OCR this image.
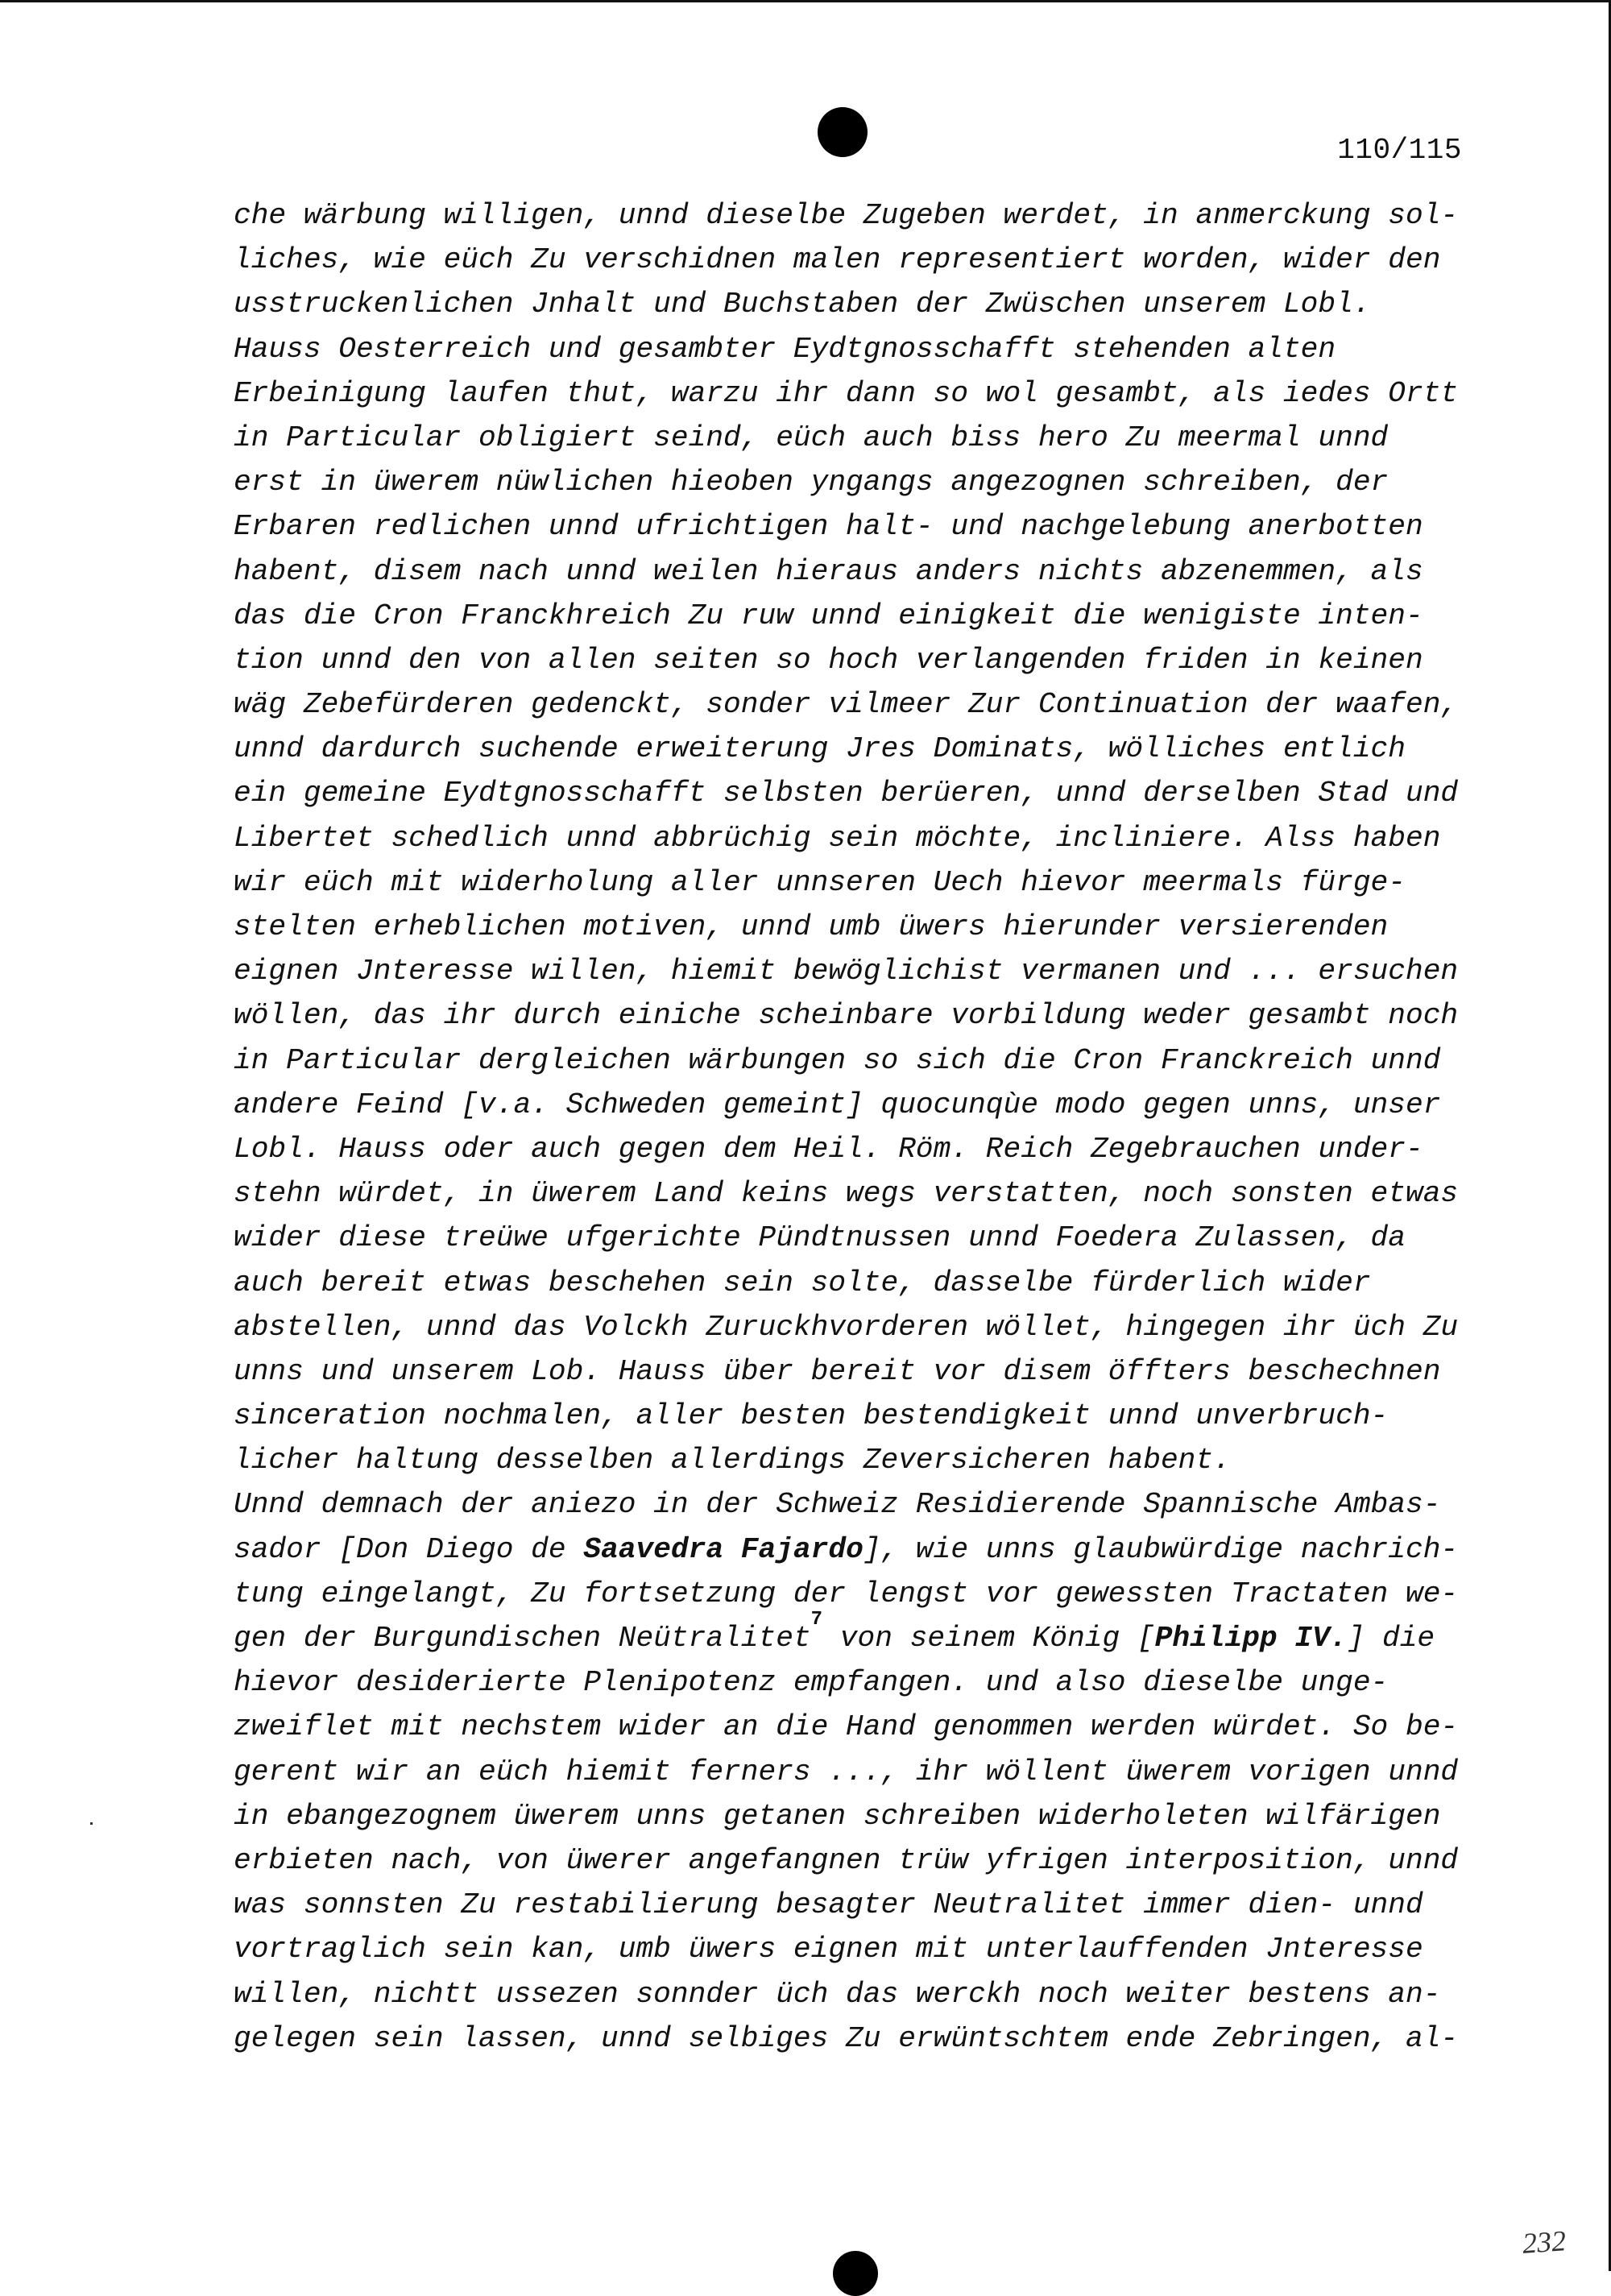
110/115
che wärbung willigen, unnd dieselbe Zugeben werdet, in anmerckung sol-
liches, wie eüch Zu verschidnen malen representiert worden, wider den
usstruckenlichen Jnhalt und Buchstaben der Zwüschen unserem Lobl.
Hauss Oesterreich und gesambter Eydtgnosschafft stehenden alten
Erbeinigung laufen thut, warzu ihr dann so wol gesambt, als iedes Ortt
in Particular obligiert seind, eüch auch biss hero Zu meermal unnd
erst in üwerem nüwlichen hieoben yngangs angezognen schreiben, der
Erbaren redlichen unnd ufrichtigen halt- und nachgelebung anerbotten
habent, disem nach unnd weilen hieraus anders nichts abzenemmen, als
das die Cron Franckhreich Zu ruw unnd einigkeit die wenigiste inten-
tion unnd den von allen seiten so hoch verlangenden friden in keinen
wäg Zebefürderen gedenckt, sonder vilmeer Zur Continuation der waafen,
unnd dardurch suchende erweiterung Jres Dominats, wölliches entlich
ein gemeine Eydtgnosschafft selbsten berüeren, unnd derselben Stad und
Libertet schedlich unnd abbrüchig sein möchte, incliniere. Alss haben
wir eüch mit widerholung aller unnseren Uech hievor meermals fürge-
stelten erheblichen motiven, unnd umb üwers hierunder versierenden
eignen Jnteresse willen, hiemit bewöglichist vermanen und ... ersuchen
wöllen, das ihr durch einiche scheinbare vorbildung weder gesambt noch
in Particular dergleichen wärbungen so sich die Cron Franckreich unnd
andere Feind [v.a. Schweden gemeint] quocunqùe modo gegen unns, unser
Lobl. Hauss oder auch gegen dem Heil. Röm. Reich Zegebrauchen under-
stehn würdet, in üwerem Land keins wegs verstatten, noch sonsten etwas
wider diese treüwe ufgerichte Pündtnussen unnd Foedera Zulassen, da
auch bereit etwas beschehen sein solte, dasselbe fürderlich wider
abstellen, unnd das Volckh Zuruckhvorderen wöllet, hingegen ihr üch Zu
unns und unserem Lob. Hauss über bereit vor disem öffters beschechnen
sinceration nochmalen, aller besten bestendigkeit unnd unverbruch-
licher haltung desselben allerdings Zeversicheren habent.
Unnd demnach der aniezo in der Schweiz Residierende Spannische Ambas-
sador [Don Diego de Saavedra Fajardo], wie unns glaubwürdige nachrich-
tung eingelangt, Zu fortsetzung der lengst vor gewessten Tractaten we-
gen der Burgundischen Neütralitet$^7$ von seinem König [Philipp IV.] die
hievor desiderierte Plenipotenz empfangen. und also dieselbe unge-
zweiflet mit nechstem wider an die Hand genommen werden würdet. So be-
gerent wir an eüch hiemit ferners ..., ihr wöllent üwerem vorigen unnd
in ebangezognem üwerem unns getanen schreiben widerholeten wilfärigen
erbieten nach, von üwerer angefangnen trüw yfrigen interposition, unnd
was sonnsten Zu restabilierung besagter Neutralitet immer dien- unnd
vortraglich sein kan, umb üwers eignen mit unterlauffenden Jnteresse
willen, nichtt ussezen sonnder üch das werckh noch weiter bestens an-
gelegen sein lassen, unnd selbiges Zu erwüntschtem ende Zebringen, al-
232
